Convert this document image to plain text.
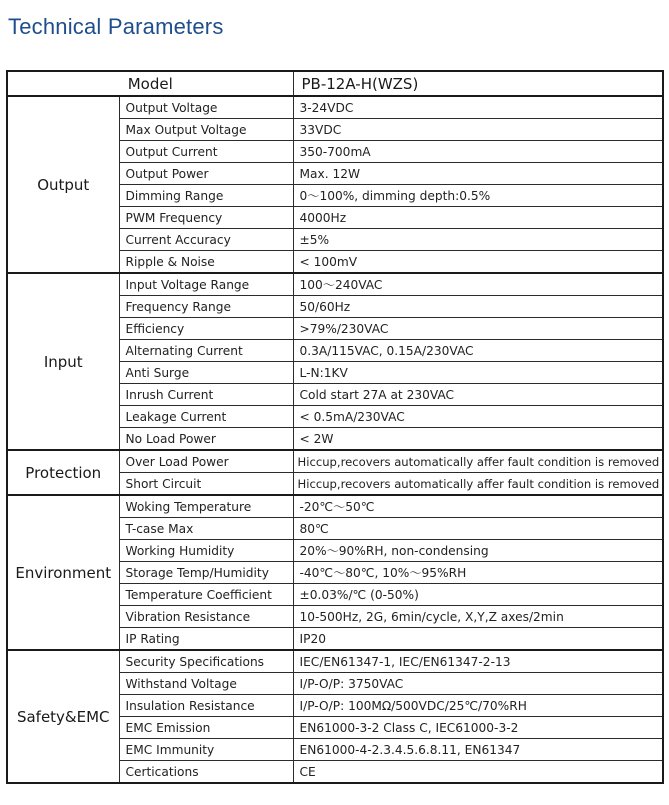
Technical Parameters
Model		PB-12A-H(WZS)
Output	Output Voltage	3-24VDC
	Max Output Voltage	33VDC
	Output Current	350-700mA
	Output Power	Max. 12W
	Dimming Range	0～100%, dimming depth:0.5%
	PWM Frequency	4000Hz
	Current Accuracy	±5%
	Ripple & Noise	< 100mV
Input	Input Voltage Range	100～240VAC
	Frequency Range	50/60Hz
	Efficiency	>79%/230VAC
	Alternating Current	0.3A/115VAC, 0.15A/230VAC
	Anti Surge	L-N:1KV
	Inrush Current	Cold start 27A at 230VAC
	Leakage Current	< 0.5mA/230VAC
	No Load Power	< 2W
Protection	Over Load Power	Hiccup,recovers automatically affer fault condition is removed
	Short Circuit	Hiccup,recovers automatically affer fault condition is removed
Environment	Woking Temperature	-20℃～50℃
	T-case Max	80℃
	Working Humidity	20%～90%RH, non-condensing
	Storage Temp/Humidity	-40℃～80℃, 10%～95%RH
	Temperature Coefficient	±0.03%/℃ (0-50%)
	Vibration Resistance	10-500Hz, 2G, 6min/cycle, X,Y,Z axes/2min
	IP Rating	IP20
Safety&EMC	Security Specifications	IEC/EN61347-1, IEC/EN61347-2-13
	Withstand Voltage	I/P-O/P: 3750VAC
	Insulation Resistance	I/P-O/P: 100MΩ/500VDC/25℃/70%RH
	EMC Emission	EN61000-3-2 Class C, IEC61000-3-2
	EMC Immunity	EN61000-4-2.3.4.5.6.8.11, EN61347
	Certications	CE
